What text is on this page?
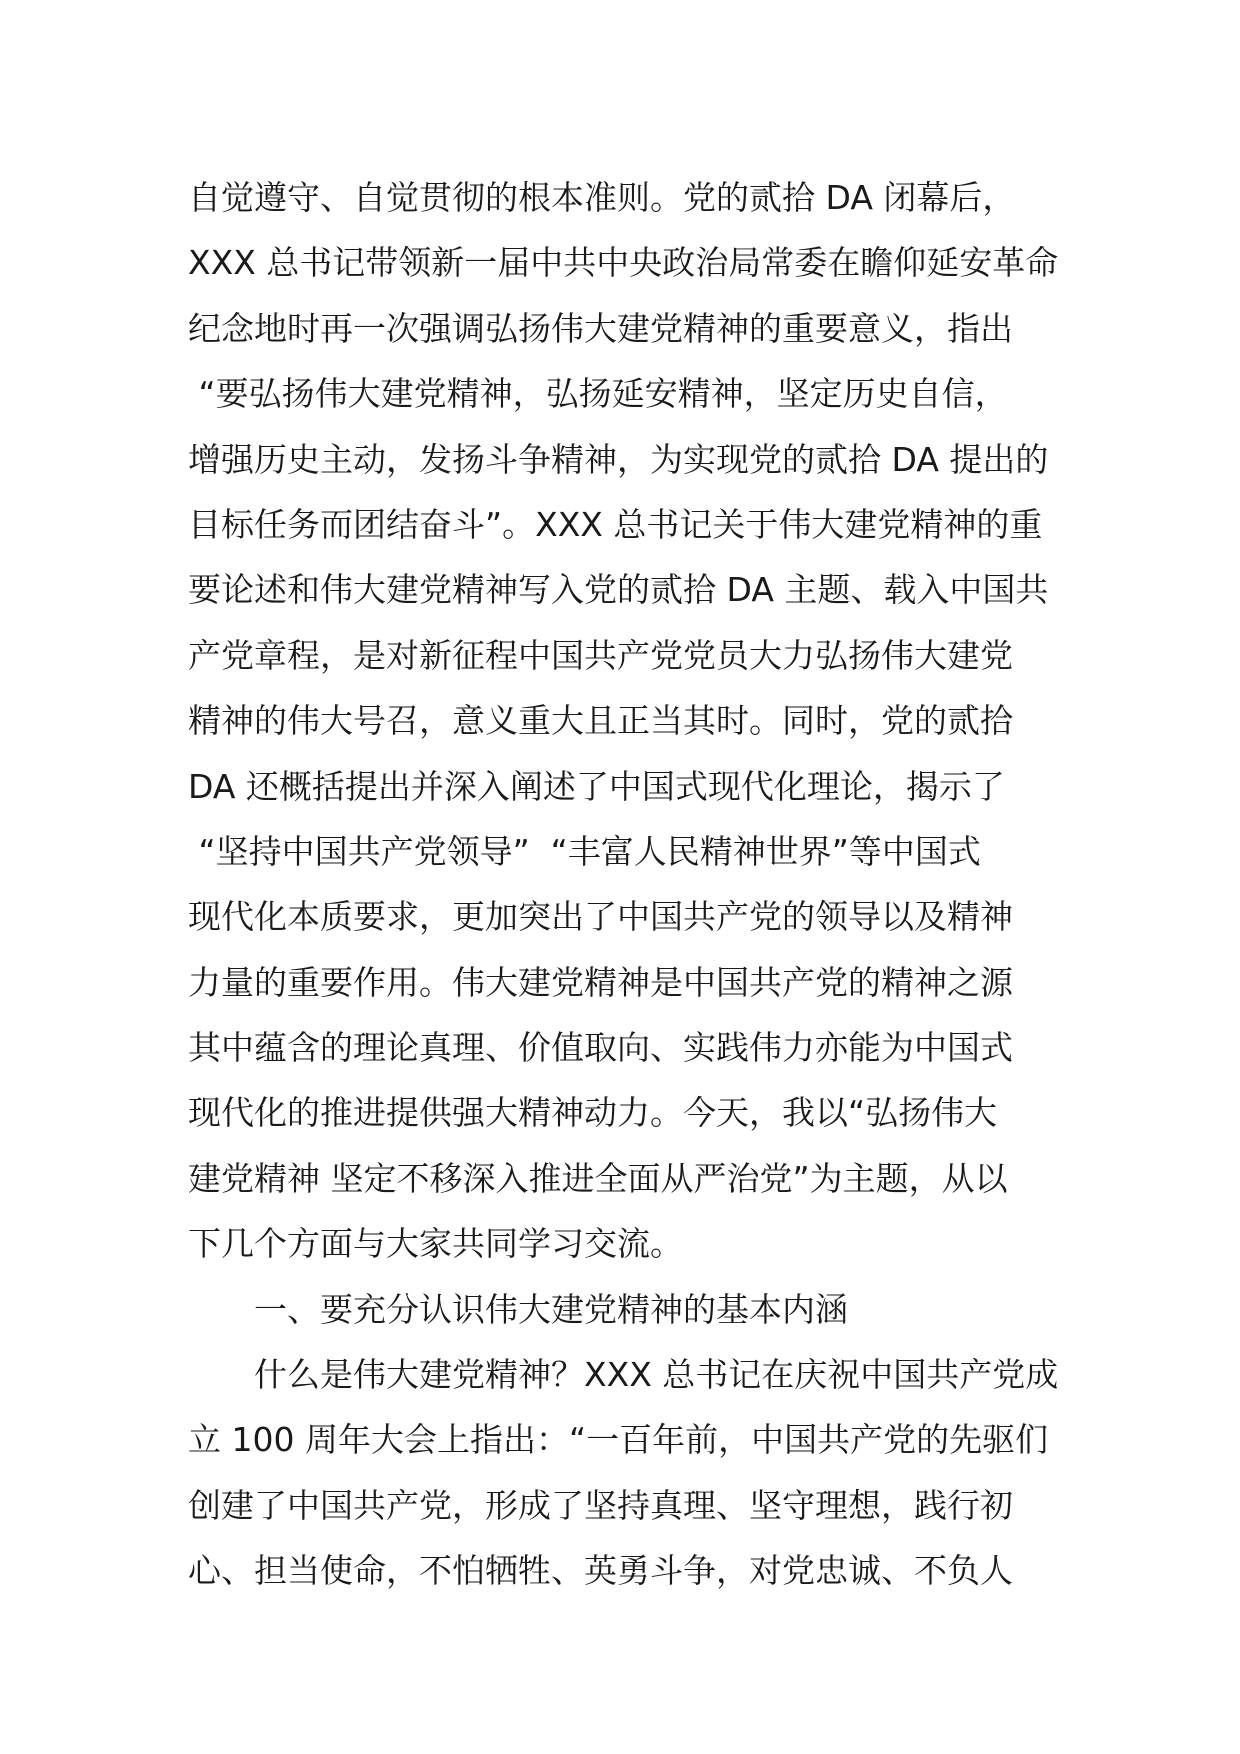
自觉遵守、自觉贯彻的根本准则。党的贰拾 DA 闭幕后，
XXX 总书记带领新一届中共中央政治局常委在瞻仰延安革命
纪念地时再一次强调弘扬伟大建党精神的重要意义，指出
“要弘扬伟大建党精神，弘扬延安精神，坚定历史自信，
增强历史主动，发扬斗争精神，为实现党的贰拾 DA 提出的
目标任务而团结奋斗”。XXX 总书记关于伟大建党精神的重
要论述和伟大建党精神写入党的贰拾 DA 主题、载入中国共
产党章程，是对新征程中国共产党党员大力弘扬伟大建党
精神的伟大号召，意义重大且正当其时。同时，党的贰拾
DA 还概括提出并深入阐述了中国式现代化理论，揭示了
“坚持中国共产党领导”  “丰富人民精神世界”等中国式
现代化本质要求，更加突出了中国共产党的领导以及精神
力量的重要作用。伟大建党精神是中国共产党的精神之源
其中蕴含的理论真理、价值取向、实践伟力亦能为中国式
现代化的推进提供强大精神动力。今天，我以“弘扬伟大
建党精神 坚定不移深入推进全面从严治党”为主题，从以
下几个方面与大家共同学习交流。
一、要充分认识伟大建党精神的基本内涵
什么是伟大建党精神？XXX 总书记在庆祝中国共产党成
立 100 周年大会上指出：“一百年前，中国共产党的先驱们
创建了中国共产党，形成了坚持真理、坚守理想，践行初
心、担当使命，不怕牺牲、英勇斗争，对党忠诚、不负人
